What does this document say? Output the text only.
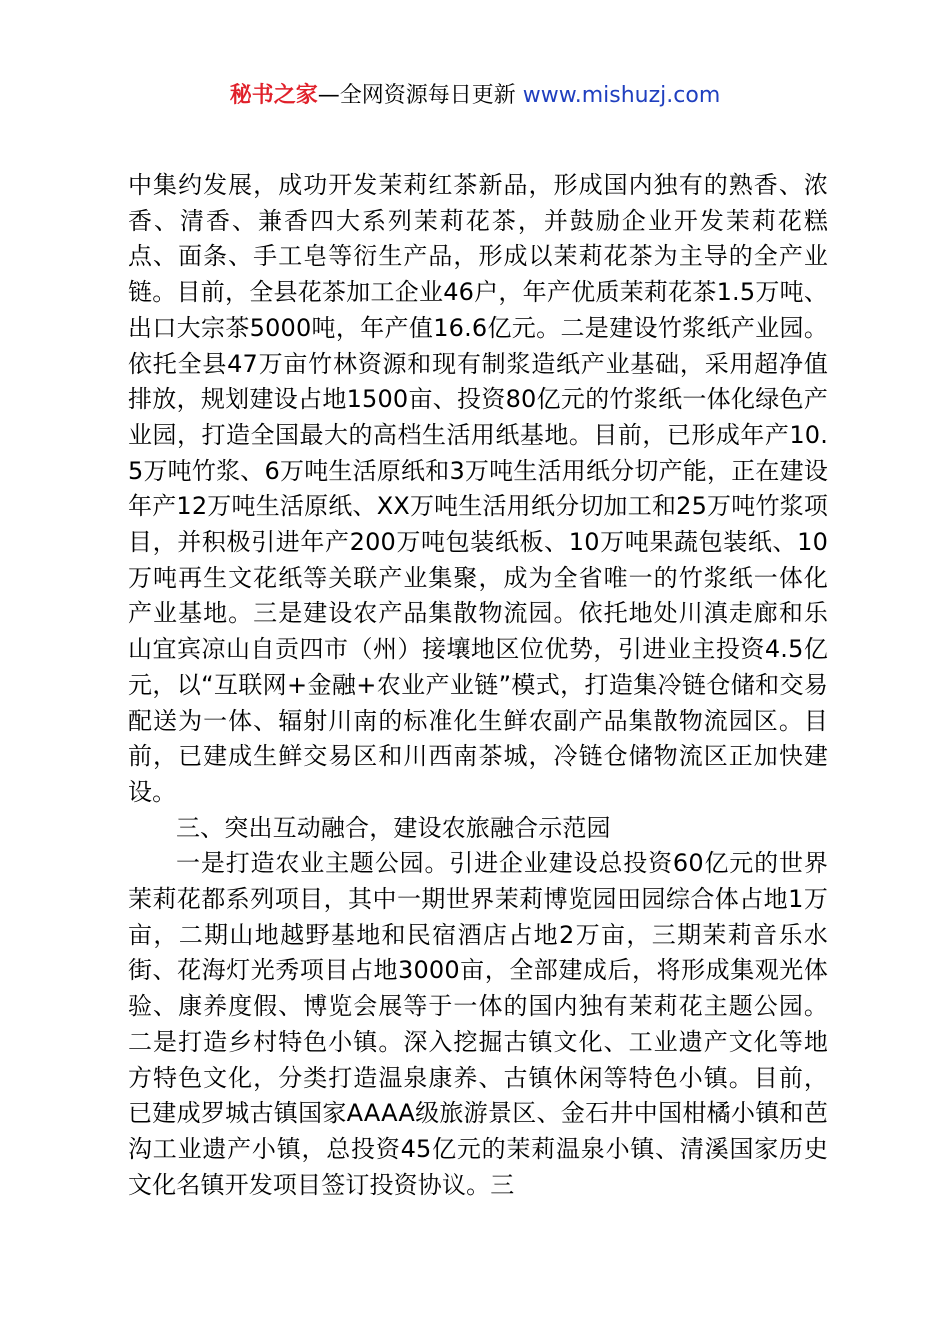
秘书之家—全网资源每日更新 www.mishuzj.com

中集约发展，成功开发茉莉红茶新品，形成国内独有的熟香、浓香、清香、兼香四大系列茉莉花茶，并鼓励企业开发茉莉花糕点、面条、手工皂等衍生产品，形成以茉莉花茶为主导的全产业链。目前，全县花茶加工企业46户，年产优质茉莉花茶1.5万吨、出口大宗茶5000吨，年产值16.6亿元。二是建设竹浆纸产业园。依托全县47万亩竹林资源和现有制浆造纸产业基础，采用超净值排放，规划建设占地1500亩、投资80亿元的竹浆纸一体化绿色产业园，打造全国最大的高档生活用纸基地。目前，已形成年产10.5万吨竹浆、6万吨生活原纸和3万吨生活用纸分切产能，正在建设年产12万吨生活原纸、XX万吨生活用纸分切加工和25万吨竹浆项目，并积极引进年产200万吨包装纸板、10万吨果蔬包装纸、10万吨再生文花纸等关联产业集聚，成为全省唯一的竹浆纸一体化产业基地。三是建设农产品集散物流园。依托地处川滇走廊和乐山宜宾凉山自贡四市（州）接壤地区位优势，引进业主投资4.5亿元，以“互联网+金融+农业产业链”模式，打造集冷链仓储和交易配送为一体、辐射川南的标准化生鲜农副产品集散物流园区。目前，已建成生鲜交易区和川西南茶城，冷链仓储物流区正加快建设。

三、突出互动融合，建设农旅融合示范园

一是打造农业主题公园。引进企业建设总投资60亿元的世界茉莉花都系列项目，其中一期世界茉莉博览园田园综合体占地1万亩，二期山地越野基地和民宿酒店占地2万亩，三期茉莉音乐水街、花海灯光秀项目占地3000亩，全部建成后，将形成集观光体验、康养度假、博览会展等于一体的国内独有茉莉花主题公园。二是打造乡村特色小镇。深入挖掘古镇文化、工业遗产文化等地方特色文化，分类打造温泉康养、古镇休闲等特色小镇。目前，已建成罗城古镇国家AAAA级旅游景区、金石井中国柑橘小镇和芭沟工业遗产小镇，总投资45亿元的茉莉温泉小镇、清溪国家历史文化名镇开发项目签订投资协议。三
